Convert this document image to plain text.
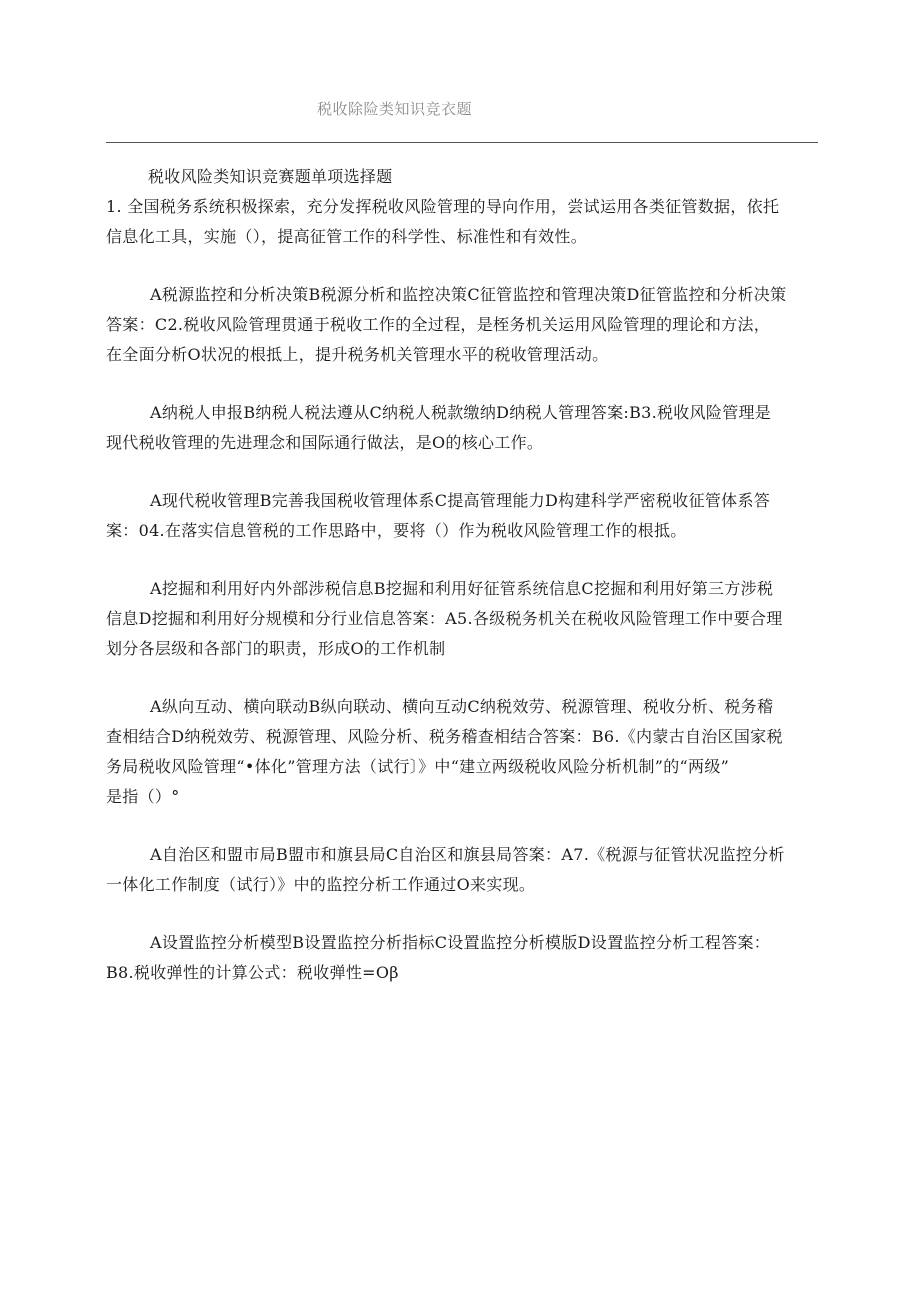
税收除险类知识竞衣题
税收风险类知识竞赛题单项选择题

1. 全国税务系统积极探索，充分发挥税收风险管理的导向作用，尝试运用各类征管数据，依托
信息化工具，实施（），提高征管工作的科学性、标准性和有效性。

A税源监控和分析决策B税源分析和监控决策C征管监控和管理决策D征管监控和分析决策
答案：C2.税收风险管理贯通于税收工作的全过程，是桎务机关运用风险管理的理论和方法，
在全面分析O状况的根抵上，提升税务机关管理水平的税收管理活动。

A纳税人申报B纳税人税法遵从C纳税人税款缴纳D纳税人管理答案:B3.税收风险管理是
现代税收管理的先进理念和国际通行做法，是O的核心工作。

A现代税收管理B完善我国税收管理体系C提高管理能力D构建科学严密税收征管体系答
案：04.在落实信息管税的工作思路中，要将（）作为税收风险管理工作的根抵。

A挖掘和利用好内外部涉税信息B挖掘和利用好征管系统信息C挖掘和利用好第三方涉税
信息D挖掘和利用好分规模和分行业信息答案：A5.各级税务机关在税收风险管理工作中要合理
划分各层级和各部门的职责，形成O的工作机制

A纵向互动、横向联动B纵向联动、横向互动C纳税效劳、税源管理、税收分析、税务稽
查相结合D纳税效劳、税源管理、风险分析、税务稽查相结合答案：B6.《内蒙古自治区国家税
务局税收风险管理“•体化”管理方法（试行〕》中“建立两级税收风险分析机制”的“两级”
是指（）°

A自治区和盟市局B盟市和旗县局C自治区和旗县局答案：A7.《税源与征管状况监控分析
一体化工作制度（试行）》中的监控分析工作通过O来实现。

A设置监控分析模型B设置监控分析指标C设置监控分析模版D设置监控分析工程答案：
B8.税收弹性的计算公式：税收弹性=Oβ
